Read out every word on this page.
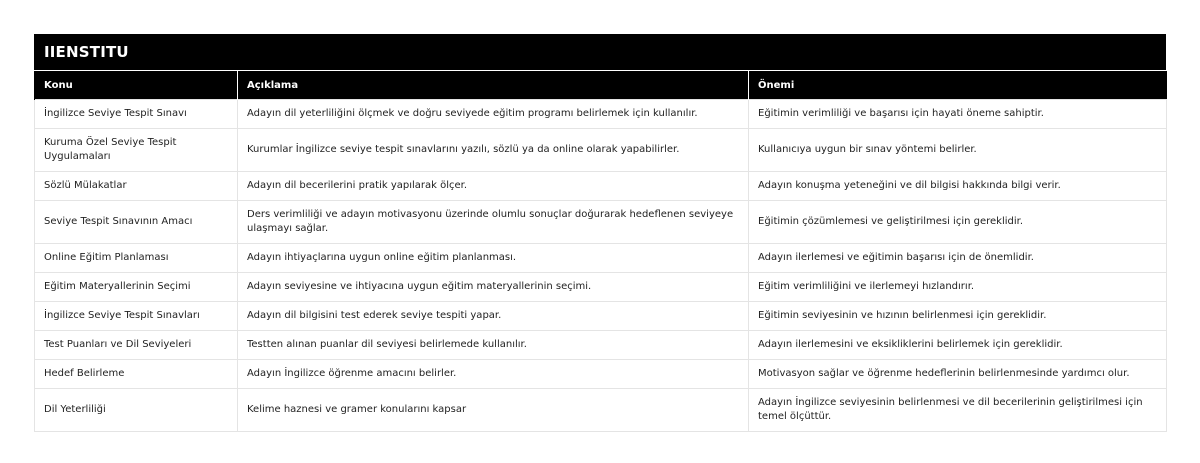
IIENSTITU
Konu	Açıklama	Önemi
İngilizce Seviye Tespit Sınavı	Adayın dil yeterliliğini ölçmek ve doğru seviyede eğitim programı belirlemek için kullanılır.	Eğitimin verimliliği ve başarısı için hayati öneme sahiptir.
Kuruma Özel Seviye Tespit Uygulamaları	Kurumlar İngilizce seviye tespit sınavlarını yazılı, sözlü ya da online olarak yapabilirler.	Kullanıcıya uygun bir sınav yöntemi belirler.
Sözlü Mülakatlar	Adayın dil becerilerini pratik yapılarak ölçer.	Adayın konuşma yeteneğini ve dil bilgisi hakkında bilgi verir.
Seviye Tespit Sınavının Amacı	Ders verimliliği ve adayın motivasyonu üzerinde olumlu sonuçlar doğurarak hedeflenen seviyeye ulaşmayı sağlar.	Eğitimin çözümlemesi ve geliştirilmesi için gereklidir.
Online Eğitim Planlaması	Adayın ihtiyaçlarına uygun online eğitim planlanması.	Adayın ilerlemesi ve eğitimin başarısı için de önemlidir.
Eğitim Materyallerinin Seçimi	Adayın seviyesine ve ihtiyacına uygun eğitim materyallerinin seçimi.	Eğitim verimliliğini ve ilerlemeyi hızlandırır.
İngilizce Seviye Tespit Sınavları	Adayın dil bilgisini test ederek seviye tespiti yapar.	Eğitimin seviyesinin ve hızının belirlenmesi için gereklidir.
Test Puanları ve Dil Seviyeleri	Testten alınan puanlar dil seviyesi belirlemede kullanılır.	Adayın ilerlemesini ve eksikliklerini belirlemek için gereklidir.
Hedef Belirleme	Adayın İngilizce öğrenme amacını belirler.	Motivasyon sağlar ve öğrenme hedeflerinin belirlenmesinde yardımcı olur.
Dil Yeterliliği	Kelime haznesi ve gramer konularını kapsar	Adayın İngilizce seviyesinin belirlenmesi ve dil becerilerinin geliştirilmesi için temel ölçüttür.
